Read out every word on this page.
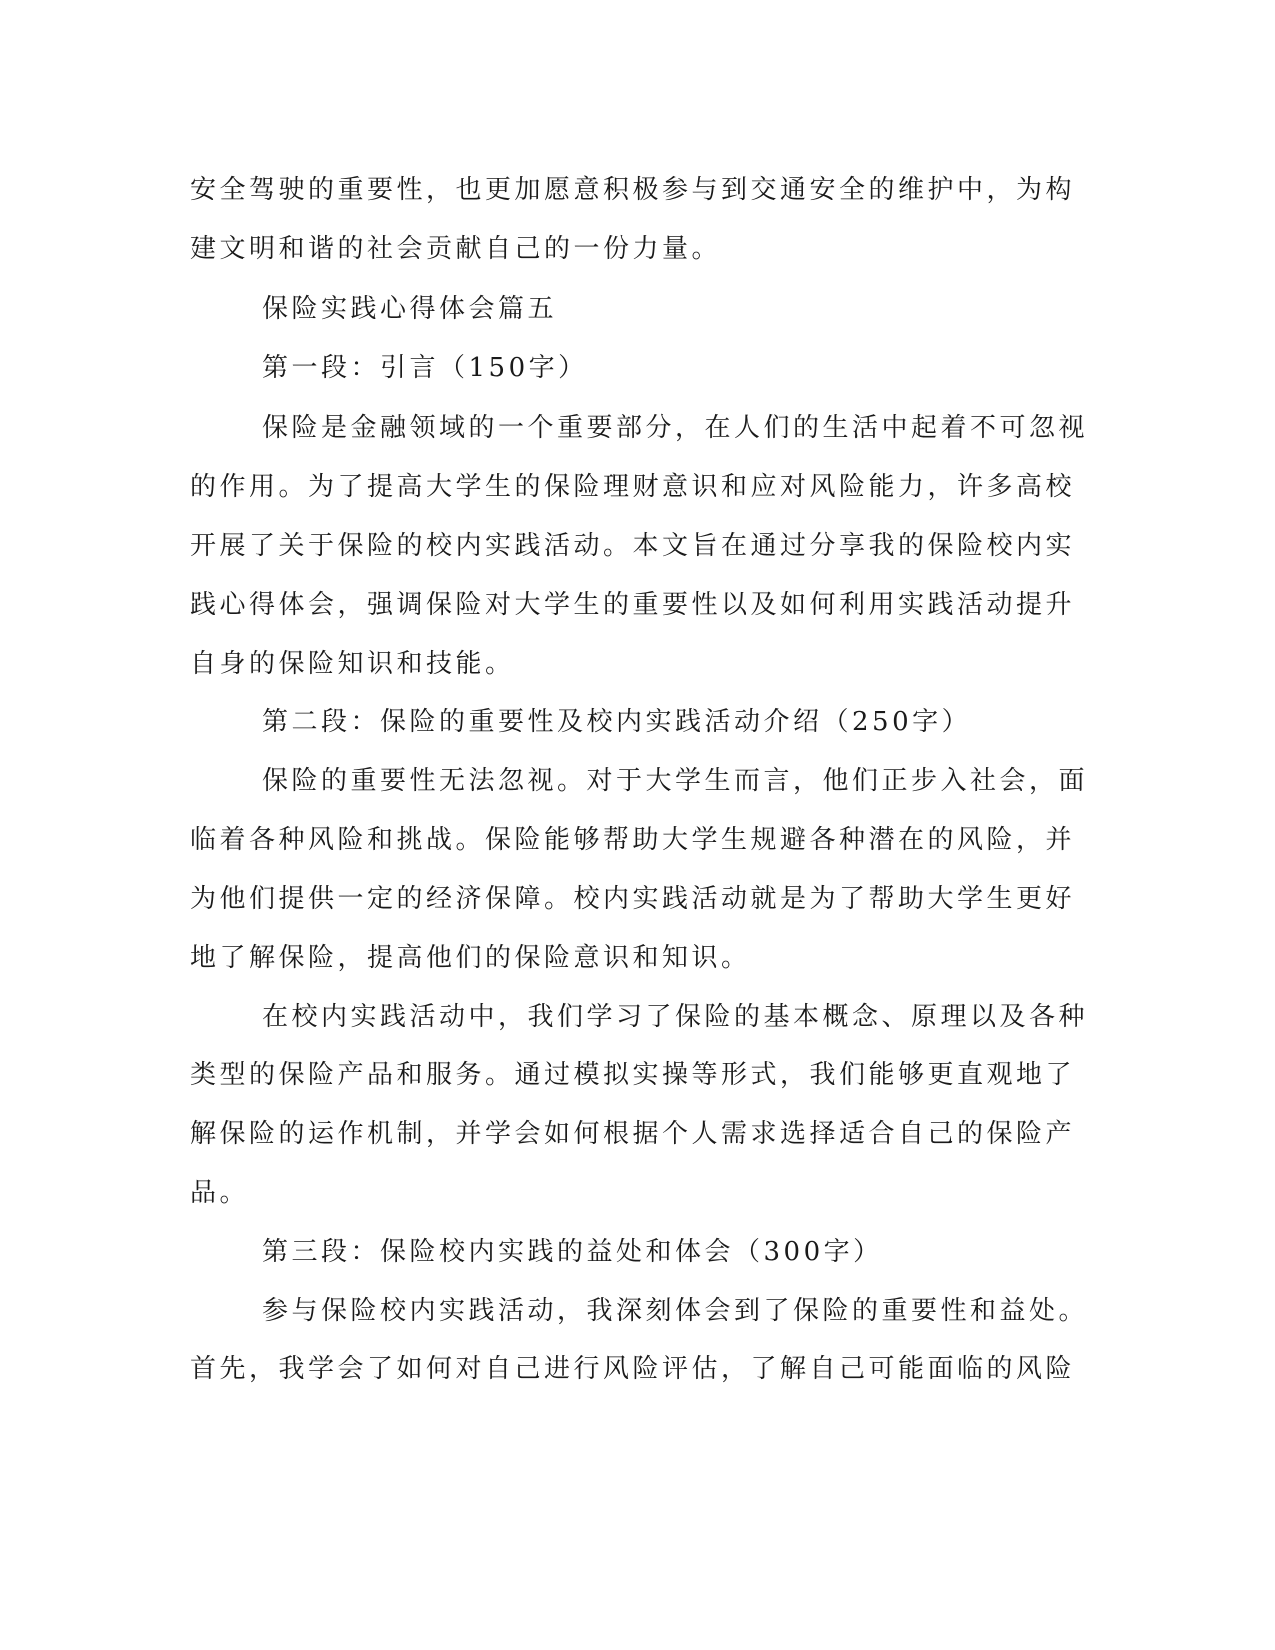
安全驾驶的重要性，也更加愿意积极参与到交通安全的维护中，为构
建文明和谐的社会贡献自己的一份力量。
保险实践心得体会篇五
第一段：引言（150字）
保险是金融领域的一个重要部分，在人们的生活中起着不可忽视
的作用。为了提高大学生的保险理财意识和应对风险能力，许多高校
开展了关于保险的校内实践活动。本文旨在通过分享我的保险校内实
践心得体会，强调保险对大学生的重要性以及如何利用实践活动提升
自身的保险知识和技能。
第二段：保险的重要性及校内实践活动介绍（250字）
保险的重要性无法忽视。对于大学生而言，他们正步入社会，面
临着各种风险和挑战。保险能够帮助大学生规避各种潜在的风险，并
为他们提供一定的经济保障。校内实践活动就是为了帮助大学生更好
地了解保险，提高他们的保险意识和知识。
在校内实践活动中，我们学习了保险的基本概念、原理以及各种
类型的保险产品和服务。通过模拟实操等形式，我们能够更直观地了
解保险的运作机制，并学会如何根据个人需求选择适合自己的保险产
品。
第三段：保险校内实践的益处和体会（300字）
参与保险校内实践活动，我深刻体会到了保险的重要性和益处。
首先，我学会了如何对自己进行风险评估，了解自己可能面临的风险
